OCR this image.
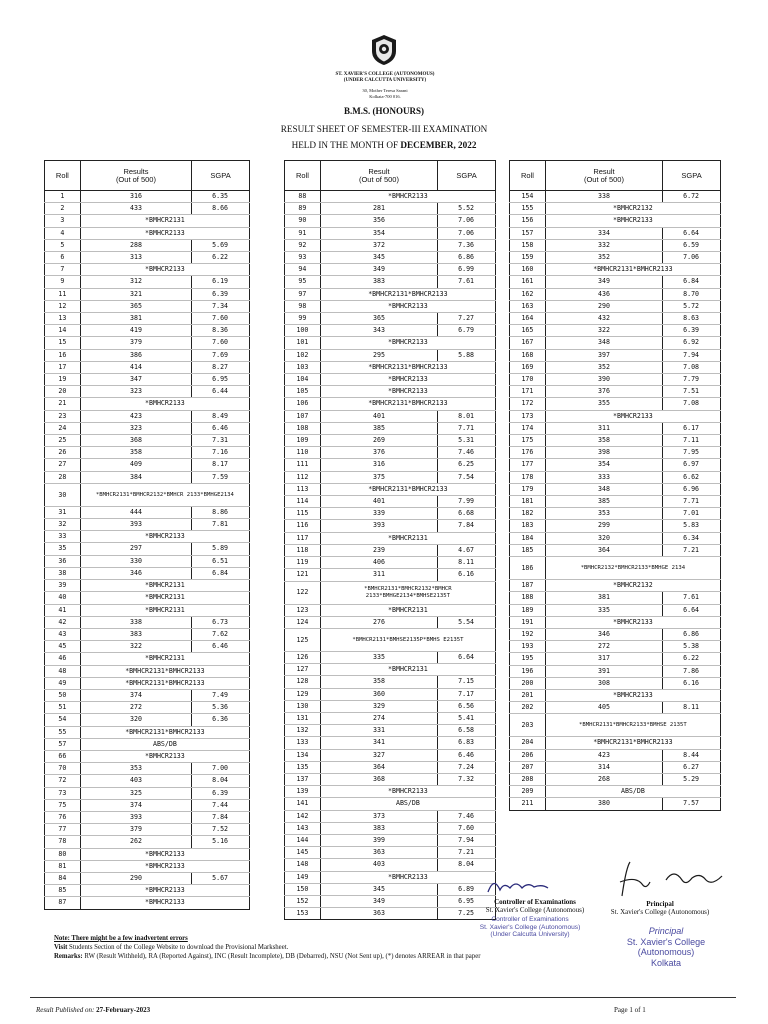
ST. XAVIER'S COLLEGE (AUTONOMOUS)
(UNDER CALCUTTA UNIVERSITY)
30, Mother Teresa Sarani
Kolkata-700 016.
B.M.S. (HONOURS)
RESULT SHEET OF SEMESTER-III EXAMINATION
HELD IN THE MONTH OF DECEMBER, 2022
Roll	Results
(Out of 500)	SGPA
1	316	6.35
2	433	8.66
3	*BMHCR2131	
4	*BMHCR2133	
5	288	5.69
6	313	6.22
7	*BMHCR2133	
9	312	6.19
11	321	6.39
12	365	7.34
13	381	7.60
14	419	8.36
15	379	7.60
16	386	7.69
17	414	8.27
19	347	6.95
20	323	6.44
21	*BMHCR2133	
23	423	8.49
24	323	6.46
25	368	7.31
26	358	7.16
27	409	8.17
28	384	7.59
30	*BMHCR2131*BMHCR2132*BMHCR 2133*BMHGE2134	
31	444	8.86
32	393	7.81
33	*BMHCR2133	
35	297	5.89
36	330	6.51
38	346	6.84
39	*BMHCR2131	
40	*BMHCR2131	
41	*BMHCR2131	
42	338	6.73
43	383	7.62
45	322	6.46
46	*BMHCR2131	
48	*BMHCR2131*BMHCR2133	
49	*BMHCR2131*BMHCR2133	
50	374	7.49
51	272	5.36
54	320	6.36
55	*BMHCR2131*BMHCR2133	
57	ABS/DB	
66	*BMHCR2133	
70	353	7.00
72	403	8.04
73	325	6.39
75	374	7.44
76	393	7.84
77	379	7.52
78	262	5.16
80	*BMHCR2133	
81	*BMHCR2133	
84	290	5.67
85	*BMHCR2133	
87	*BMHCR2133	
Roll	Result
(Out of 500)	SGPA
88	*BMHCR2133	
89	281	5.52
90	356	7.06
91	354	7.06
92	372	7.36
93	345	6.86
94	349	6.99
95	383	7.61
97	*BMHCR2131*BMHCR2133	
98	*BMHCR2133	
99	365	7.27
100	343	6.79
101	*BMHCR2133	
102	295	5.88
103	*BMHCR2131*BMHCR2133	
104	*BMHCR2133	
105	*BMHCR2133	
106	*BMHCR2131*BMHCR2133	
107	401	8.01
108	385	7.71
109	269	5.31
110	376	7.46
111	316	6.25
112	375	7.54
113	*BMHCR2131*BMHCR2133	
114	401	7.99
115	339	6.68
116	393	7.84
117	*BMHCR2131	
118	239	4.67
119	406	8.11
121	311	6.16
122	*BMHCR2131*BMHCR2132*BMHCR 2133*BMHGE2134*BMHSE2135T	
123	*BMHCR2131	
124	276	5.54
125	*BMHCR2131*BMHSE2135P*BMHS E2135T	
126	335	6.64
127	*BMHCR2131	
128	358	7.15
129	360	7.17
130	329	6.56
131	274	5.41
132	331	6.58
133	341	6.83
134	327	6.46
135	364	7.24
137	368	7.32
139	*BMHCR2133	
141	ABS/DB	
142	373	7.46
143	383	7.60
144	399	7.94
145	363	7.21
148	403	8.04
149	*BMHCR2133	
150	345	6.89
152	349	6.95
153	363	7.25
Roll	Result
(Out of 500)	SGPA
154	338	6.72
155	*BMHCR2132	
156	*BMHCR2133	
157	334	6.64
158	332	6.59
159	352	7.06
160	*BMHCR2131*BMHCR2133	
161	349	6.84
162	436	8.70
163	290	5.72
164	432	8.63
165	322	6.39
167	348	6.92
168	397	7.94
169	352	7.08
170	390	7.79
171	376	7.51
172	355	7.08
173	*BMHCR2133	
174	311	6.17
175	358	7.11
176	398	7.95
177	354	6.97
178	333	6.62
179	348	6.96
181	385	7.71
182	353	7.01
183	299	5.83
184	320	6.34
185	364	7.21
186	*BMHCR2132*BMHCR2133*BMHGE 2134	
187	*BMHCR2132	
188	381	7.61
189	335	6.64
191	*BMHCR2133	
192	346	6.86
193	272	5.38
195	317	6.22
196	391	7.86
200	308	6.16
201	*BMHCR2133	
202	405	8.11
203	*BMHCR2131*BMHCR2133*BMHSE 2135T	
204	*BMHCR2131*BMHCR2133	
206	423	8.44
207	314	6.27
208	268	5.29
209	ABS/DB	
211	380	7.57
Controller of Examinations
St. Xavier's College (Autonomous)
Controller of Examinations
St. Xavier's College (Autonomous)
(Under Calcutta University)
Principal
St. Xavier's College (Autonomous)
Principal
St. Xavier's College
(Autonomous)
Kolkata
Note: There might be a few inadvertent errors
Visit Students Section of the College Website to download the Provisional Marksheet.
Remarks: RW (Result Withheld), RA (Reported Against), INC (Result Incomplete), DB (Debarred), NSU (Not Sent up), (*) denotes ARREAR in that paper
Result Published on: 27-February-2023	Page 1 of 1
